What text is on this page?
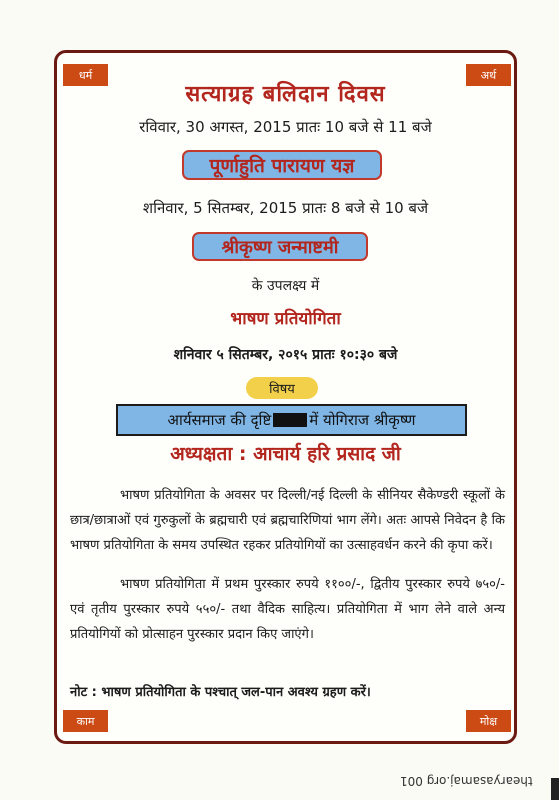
धर्म	अर्थ
काम	मोक्ष
सत्याग्रह बलिदान दिवस
रविवार, 30 अगस्त, 2015 प्रातः 10 बजे से 11 बजे
पूर्णाहुति पारायण यज्ञ
शनिवार, 5 सितम्बर, 2015 प्रातः 8 बजे से 10 बजे
श्रीकृष्ण जन्माष्टमी
के उपलक्ष्य में
भाषण प्रतियोगिता
शनिवार ५ सितम्बर, २०१५ प्रातः १०:३० बजे
विषय
आर्यसमाज की दृष्टि	में योगिराज श्रीकृष्ण
अध्यक्षता : आचार्य हरि प्रसाद जी

भाषण प्रतियोगिता के अवसर पर दिल्ली/नई दिल्ली के सीनियर सैकेण्डरी स्कूलों के छात्र/छात्राओं एवं गुरुकुलों के ब्रह्मचारी एवं ब्रह्मचारिणियां भाग लेंगे। अतः आपसे निवेदन है कि भाषण प्रतियोगिता के समय उपस्थित रहकर प्रतियोगियों का उत्साहवर्धन करने की कृपा करें।

भाषण प्रतियोगिता में प्रथम पुरस्कार रुपये ११००/-, द्वितीय पुरस्कार रुपये ७५०/- एवं तृतीय पुरस्कार रुपये ५५०/- तथा वैदिक साहित्य। प्रतियोगिता में भाग लेने वाले अन्य प्रतियोगियों को प्रोत्साहन पुरस्कार प्रदान किए जाएंगे।

नोट : भाषण प्रतियोगिता के पश्चात् जल-पान अवश्य ग्रहण करें।

thearyasamaj.org 001
